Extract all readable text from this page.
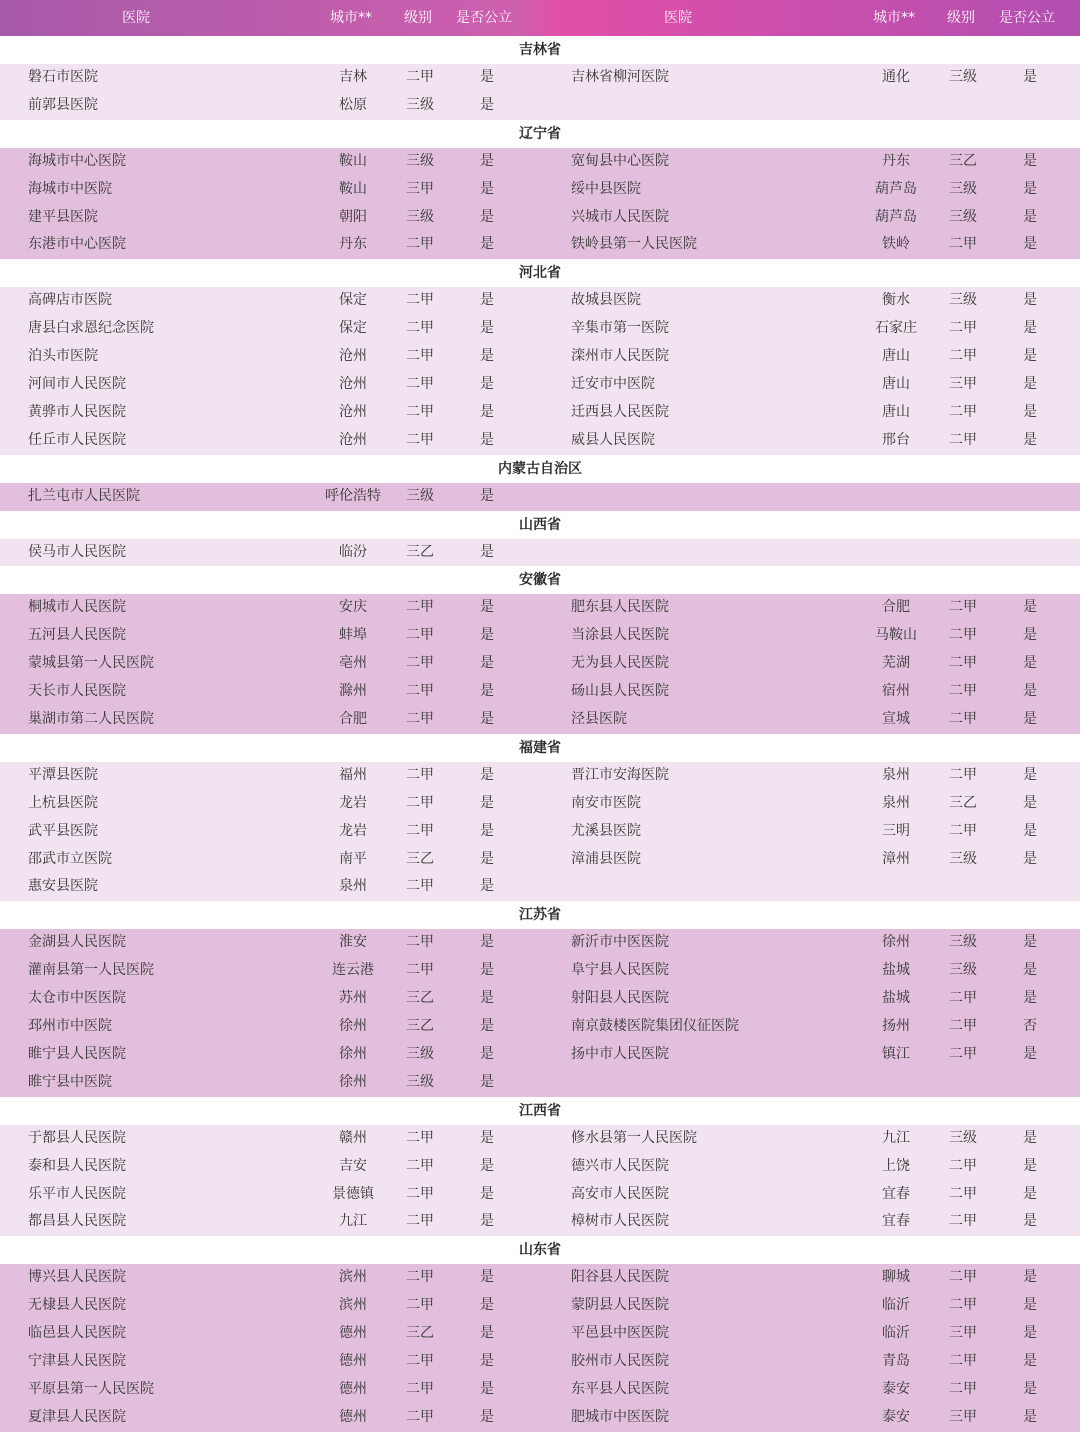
医院	城市** 级别 是否公立	医院	城市** 级别 是否公立
吉林省
磐石市医院	吉林	二甲	是	吉林省柳河医院	通化	三级	是
前郭县医院	松原	三级	是
辽宁省
海城市中心医院	鞍山	三级	是	宽甸县中心医院	丹东	三乙	是
海城市中医院	鞍山	三甲	是	绥中县医院	葫芦岛	三级	是
建平县医院	朝阳	三级	是	兴城市人民医院	葫芦岛	三级	是
东港市中心医院	丹东	二甲	是	铁岭县第一人民医院	铁岭	二甲	是
河北省
高碑店市医院	保定	二甲	是	故城县医院	衡水	三级	是
唐县白求恩纪念医院	保定	二甲	是	辛集市第一医院	石家庄	二甲	是
泊头市医院	沧州	二甲	是	滦州市人民医院	唐山	二甲	是
河间市人民医院	沧州	二甲	是	迁安市中医院	唐山	三甲	是
黄骅市人民医院	沧州	二甲	是	迁西县人民医院	唐山	二甲	是
任丘市人民医院	沧州	二甲	是	威县人民医院	邢台	二甲	是
内蒙古自治区
扎兰屯市人民医院	呼伦浩特	三级	是
山西省
侯马市人民医院	临汾	三乙	是
安徽省
桐城市人民医院	安庆	二甲	是	肥东县人民医院	合肥	二甲	是
五河县人民医院	蚌埠	二甲	是	当涂县人民医院	马鞍山	二甲	是
蒙城县第一人民医院	亳州	二甲	是	无为县人民医院	芜湖	二甲	是
天长市人民医院	滁州	二甲	是	砀山县人民医院	宿州	二甲	是
巢湖市第二人民医院	合肥	二甲	是	泾县医院	宣城	二甲	是
福建省
平潭县医院	福州	二甲	是	晋江市安海医院	泉州	二甲	是
上杭县医院	龙岩	二甲	是	南安市医院	泉州	三乙	是
武平县医院	龙岩	二甲	是	尤溪县医院	三明	二甲	是
邵武市立医院	南平	三乙	是	漳浦县医院	漳州	三级	是
惠安县医院	泉州	二甲	是
江苏省
金湖县人民医院	淮安	二甲	是	新沂市中医医院	徐州	三级	是
灌南县第一人民医院	连云港	二甲	是	阜宁县人民医院	盐城	三级	是
太仓市中医医院	苏州	三乙	是	射阳县人民医院	盐城	二甲	是
邳州市中医院	徐州	三乙	是	南京鼓楼医院集团仪征医院	扬州	二甲	否
睢宁县人民医院	徐州	三级	是	扬中市人民医院	镇江	二甲	是
睢宁县中医院	徐州	三级	是
江西省
于都县人民医院	赣州	二甲	是	修水县第一人民医院	九江	三级	是
泰和县人民医院	吉安	二甲	是	德兴市人民医院	上饶	二甲	是
乐平市人民医院	景德镇	二甲	是	高安市人民医院	宜春	二甲	是
都昌县人民医院	九江	二甲	是	樟树市人民医院	宜春	二甲	是
山东省
博兴县人民医院	滨州	二甲	是	阳谷县人民医院	聊城	二甲	是
无棣县人民医院	滨州	二甲	是	蒙阴县人民医院	临沂	二甲	是
临邑县人民医院	德州	三乙	是	平邑县中医医院	临沂	三甲	是
宁津县人民医院	德州	二甲	是	胶州市人民医院	青岛	二甲	是
平原县第一人民医院	德州	二甲	是	东平县人民医院	泰安	二甲	是
夏津县人民医院	德州	二甲	是	肥城市中医医院	泰安	三甲	是
